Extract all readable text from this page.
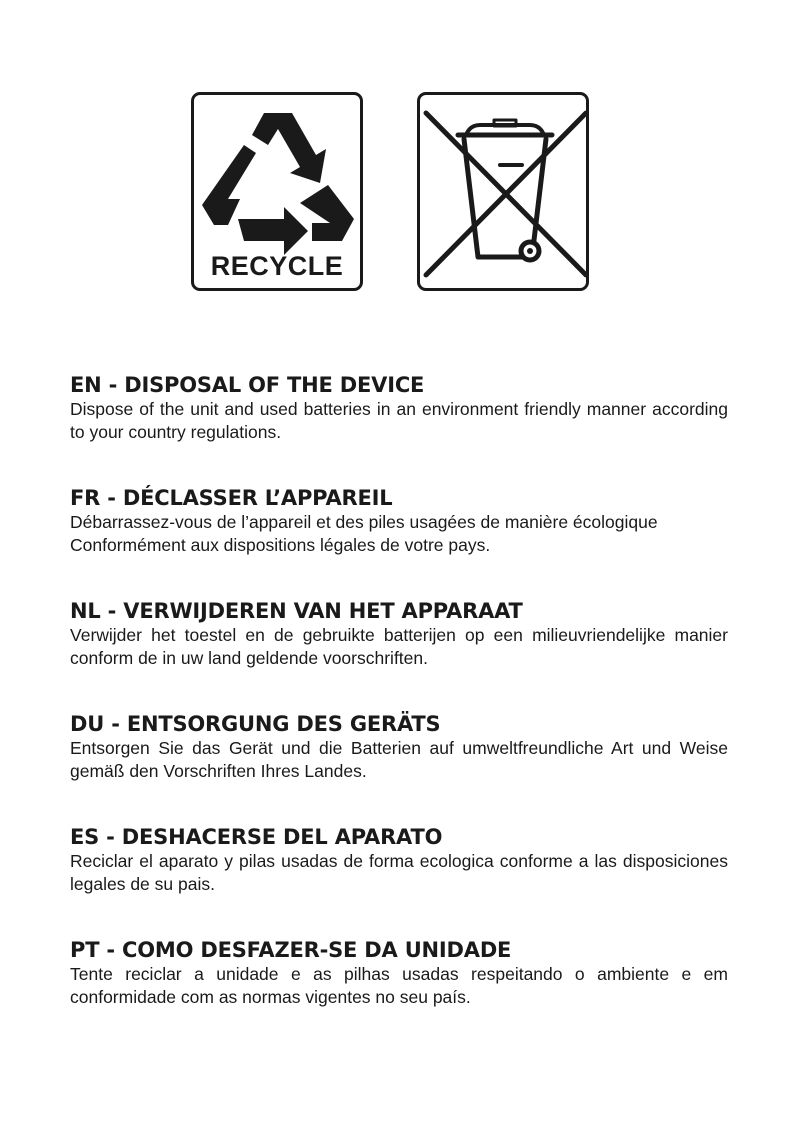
RECYCLE
EN - DISPOSAL OF THE DEVICE

Dispose of the unit and used batteries in an environment friendly manner according to your country regulations.

FR - DÉCLASSER L’APPAREIL

Débarrassez-vous de l’appareil et des piles usagées de manière écologique Conformément aux dispositions légales de votre pays.

NL - VERWIJDEREN VAN HET APPARAAT

Verwijder het toestel en de gebruikte batterijen op een milieuvriendelijke manier conform de in uw land geldende voorschriften.

DU - ENTSORGUNG DES GERÄTS

Entsorgen Sie das Gerät und die Batterien auf umweltfreundliche Art und Weise gemäß den Vorschriften Ihres Landes.

ES - DESHACERSE DEL APARATO

Reciclar el aparato y pilas usadas de forma ecologica conforme a las disposiciones legales de su pais.

PT - COMO DESFAZER-SE DA UNIDADE

Tente reciclar a unidade e as pilhas usadas respeitando o ambiente e em conformidade com as normas vigentes no seu país.
